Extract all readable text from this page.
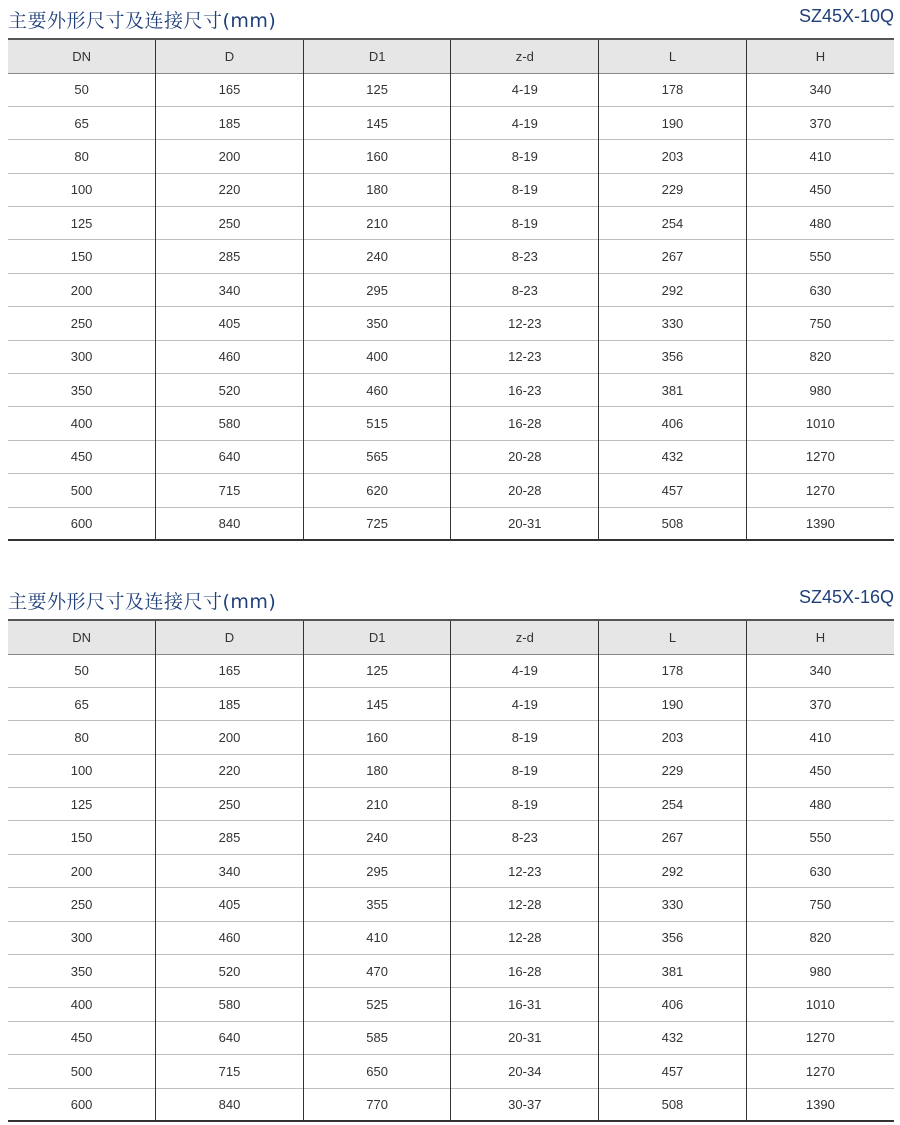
主要外形尺寸及连接尺寸(mm)	SZ45X-10Q
DN	D	D1	z-d	L	H
50	165	125	4-19	178	340
65	185	145	4-19	190	370
80	200	160	8-19	203	410
100	220	180	8-19	229	450
125	250	210	8-19	254	480
150	285	240	8-23	267	550
200	340	295	8-23	292	630
250	405	350	12-23	330	750
300	460	400	12-23	356	820
350	520	460	16-23	381	980
400	580	515	16-28	406	1010
450	640	565	20-28	432	1270
500	715	620	20-28	457	1270
600	840	725	20-31	508	1390
主要外形尺寸及连接尺寸(mm)	SZ45X-16Q
DN	D	D1	z-d	L	H
50	165	125	4-19	178	340
65	185	145	4-19	190	370
80	200	160	8-19	203	410
100	220	180	8-19	229	450
125	250	210	8-19	254	480
150	285	240	8-23	267	550
200	340	295	12-23	292	630
250	405	355	12-28	330	750
300	460	410	12-28	356	820
350	520	470	16-28	381	980
400	580	525	16-31	406	1010
450	640	585	20-31	432	1270
500	715	650	20-34	457	1270
600	840	770	30-37	508	1390
